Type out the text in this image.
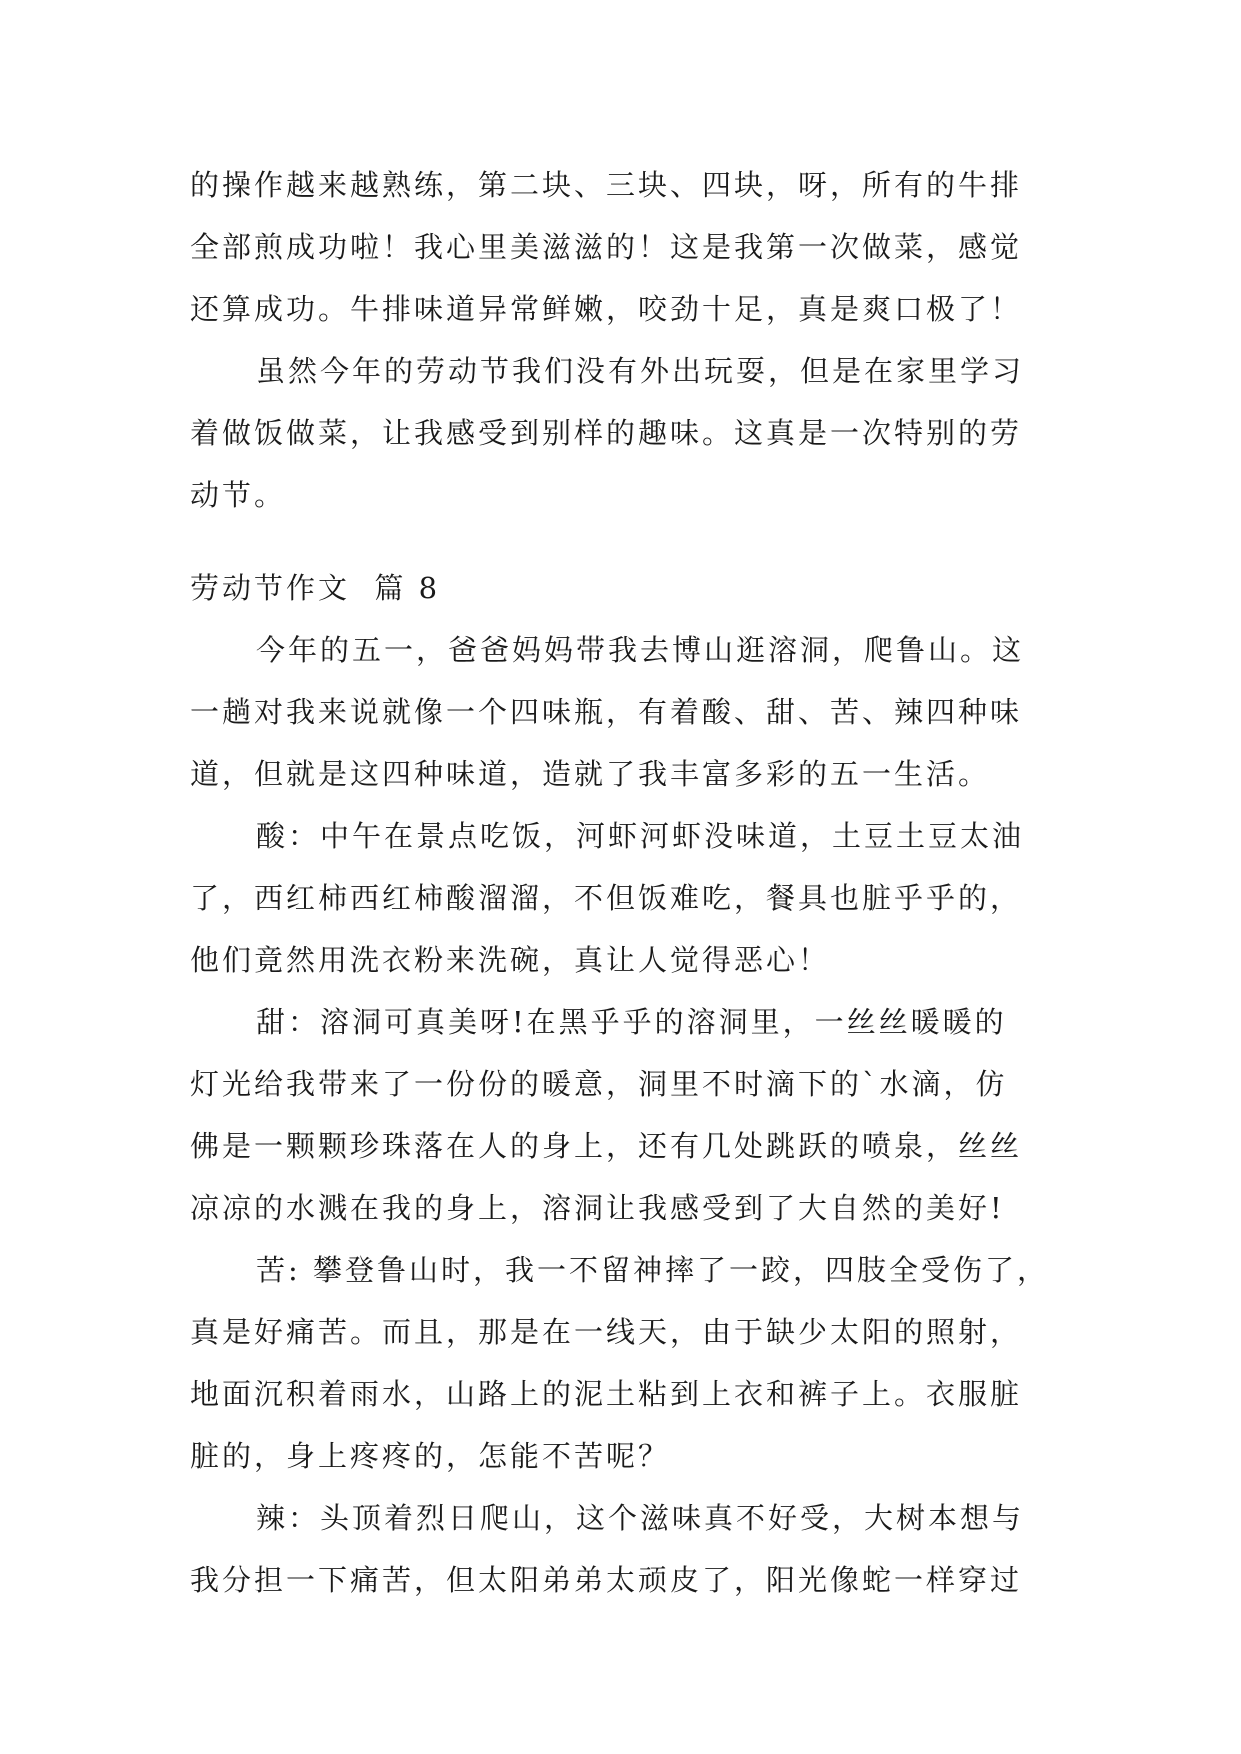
的操作越来越熟练，第二块、三块、四块，呀，所有的牛排
全部煎成功啦！我心里美滋滋的！这是我第一次做菜，感觉
还算成功。牛排味道异常鲜嫩，咬劲十足，真是爽口极了！
虽然今年的劳动节我们没有外出玩耍，但是在家里学习
着做饭做菜，让我感受到别样的趣味。这真是一次特别的劳
动节。
劳动节作文  篇 8
今年的五一，爸爸妈妈带我去博山逛溶洞，爬鲁山。这
一趟对我来说就像一个四味瓶，有着酸、甜、苦、辣四种味
道，但就是这四种味道，造就了我丰富多彩的五一生活。
酸：中午在景点吃饭，河虾河虾没味道，土豆土豆太油
了，西红柿西红柿酸溜溜，不但饭难吃，餐具也脏乎乎的，
他们竟然用洗衣粉来洗碗，真让人觉得恶心！
甜：溶洞可真美呀!在黑乎乎的溶洞里，一丝丝暖暖的
灯光给我带来了一份份的暖意，洞里不时滴下的`水滴，仿
佛是一颗颗珍珠落在人的身上，还有几处跳跃的喷泉，丝丝
凉凉的水溅在我的身上，溶洞让我感受到了大自然的美好!
苦: 攀登鲁山时，我一不留神摔了一跤，四肢全受伤了，
真是好痛苦。而且，那是在一线天，由于缺少太阳的照射，
地面沉积着雨水，山路上的泥土粘到上衣和裤子上。衣服脏
脏的，身上疼疼的，怎能不苦呢？
辣：头顶着烈日爬山，这个滋味真不好受，大树本想与
我分担一下痛苦，但太阳弟弟太顽皮了，阳光像蛇一样穿过
